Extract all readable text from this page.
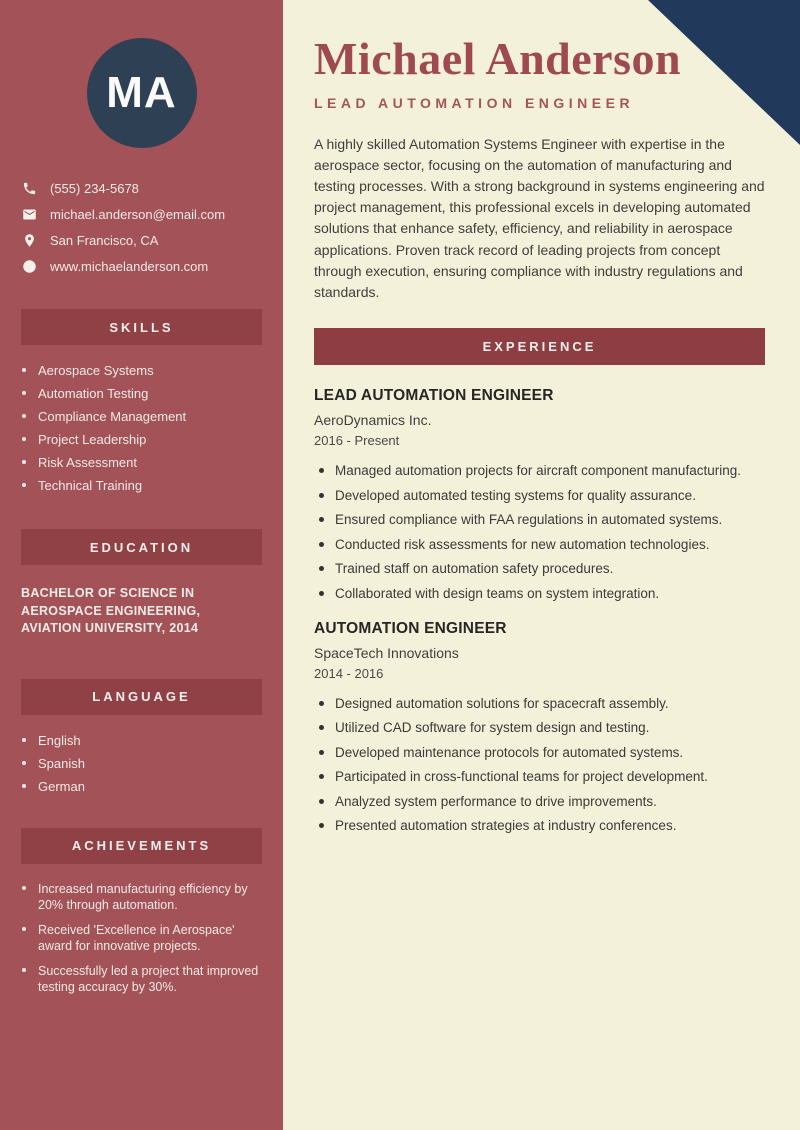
MA
(555) 234-5678
michael.anderson@email.com
San Francisco, CA
www.michaelanderson.com
SKILLS
Aerospace Systems
Automation Testing
Compliance Management
Project Leadership
Risk Assessment
Technical Training
EDUCATION

BACHELOR OF SCIENCE IN AEROSPACE ENGINEERING, AVIATION UNIVERSITY, 2014

LANGUAGE
English
Spanish
German
ACHIEVEMENTS
Increased manufacturing efficiency by 20% through automation.
Received 'Excellence in Aerospace' award for innovative projects.
Successfully led a project that improved testing accuracy by 30%.
Michael Anderson
LEAD AUTOMATION ENGINEER

A highly skilled Automation Systems Engineer with expertise in the aerospace sector, focusing on the automation of manufacturing and testing processes. With a strong background in systems engineering and project management, this professional excels in developing automated solutions that enhance safety, efficiency, and reliability in aerospace applications. Proven track record of leading projects from concept through execution, ensuring compliance with industry regulations and standards.

EXPERIENCE
LEAD AUTOMATION ENGINEER
AeroDynamics Inc.
2016 - Present
Managed automation projects for aircraft component manufacturing.
Developed automated testing systems for quality assurance.
Ensured compliance with FAA regulations in automated systems.
Conducted risk assessments for new automation technologies.
Trained staff on automation safety procedures.
Collaborated with design teams on system integration.
AUTOMATION ENGINEER
SpaceTech Innovations
2014 - 2016
Designed automation solutions for spacecraft assembly.
Utilized CAD software for system design and testing.
Developed maintenance protocols for automated systems.
Participated in cross-functional teams for project development.
Analyzed system performance to drive improvements.
Presented automation strategies at industry conferences.
